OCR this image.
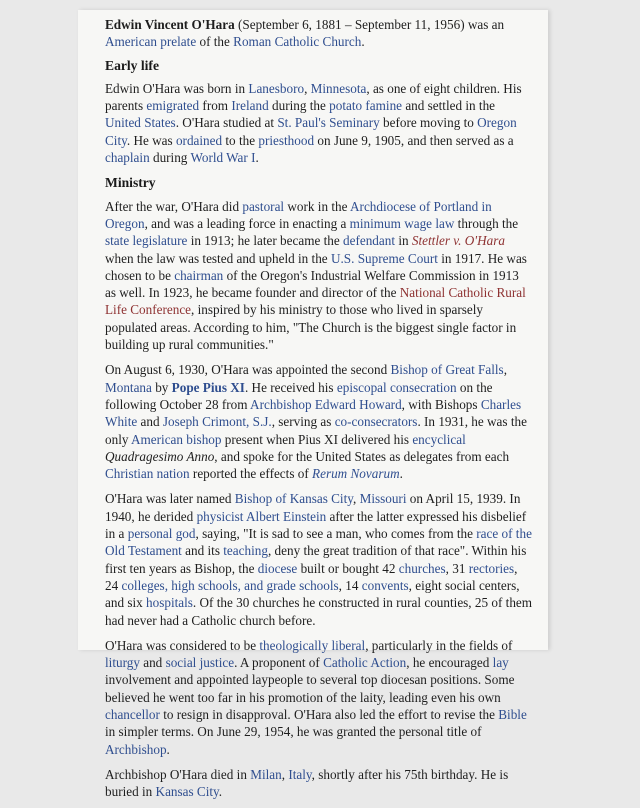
Edwin Vincent O'Hara (September 6, 1881 – September 11, 1956) was an American prelate of the Roman Catholic Church.

Early life

Edwin O'Hara was born in Lanesboro, Minnesota, as one of eight children. His parents emigrated from Ireland during the potato famine and settled in the United States. O'Hara studied at St. Paul's Seminary before moving to Oregon City. He was ordained to the priesthood on June 9, 1905, and then served as a chaplain during World War I.

Ministry

After the war, O'Hara did pastoral work in the Archdiocese of Portland in Oregon, and was a leading force in enacting a minimum wage law through the state legislature in 1913; he later became the defendant in Stettler v. O'Hara when the law was tested and upheld in the U.S. Supreme Court in 1917. He was chosen to be chairman of the Oregon's Industrial Welfare Commission in 1913 as well. In 1923, he became founder and director of the National Catholic Rural Life Conference, inspired by his ministry to those who lived in sparsely populated areas. According to him, "The Church is the biggest single factor in building up rural communities."

On August 6, 1930, O'Hara was appointed the second Bishop of Great Falls, Montana by Pope Pius XI. He received his episcopal consecration on the following October 28 from Archbishop Edward Howard, with Bishops Charles White and Joseph Crimont, S.J., serving as co-consecrators. In 1931, he was the only American bishop present when Pius XI delivered his encyclical Quadragesimo Anno, and spoke for the United States as delegates from each Christian nation reported the effects of Rerum Novarum.

O'Hara was later named Bishop of Kansas City, Missouri on April 15, 1939. In 1940, he derided physicist Albert Einstein after the latter expressed his disbelief in a personal god, saying, "It is sad to see a man, who comes from the race of the Old Testament and its teaching, deny the great tradition of that race". Within his first ten years as Bishop, the diocese built or bought 42 churches, 31 rectories, 24 colleges, high schools, and grade schools, 14 convents, eight social centers, and six hospitals. Of the 30 churches he constructed in rural counties, 25 of them had never had a Catholic church before.

O'Hara was considered to be theologically liberal, particularly in the fields of liturgy and social justice. A proponent of Catholic Action, he encouraged lay involvement and appointed laypeople to several top diocesan positions. Some believed he went too far in his promotion of the laity, leading even his own chancellor to resign in disapproval. O'Hara also led the effort to revise the Bible in simpler terms. On June 29, 1954, he was granted the personal title of Archbishop.

Archbishop O'Hara died in Milan, Italy, shortly after his 75th birthday. He is buried in Kansas City.
